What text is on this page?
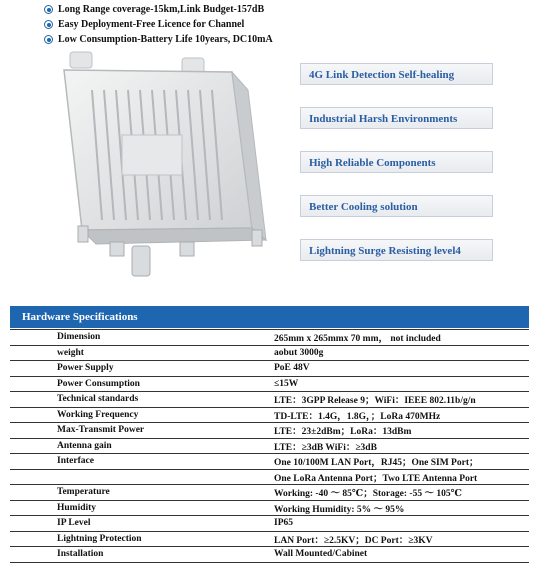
Long Range coverage-15km,Link Budget-157dB
Easy Deployment-Free Licence for Channel
Low Consumption-Battery Life 10years, DC10mA
4G Link Detection Self-healing
Industrial Harsh Environments
High Reliable Components
Better Cooling solution
Lightning Surge Resisting level4
Hardware Specifications
Dimension	265mm x 265mmx 70 mm， not included
weight	aobut 3000g
Power Supply	PoE 48V
Power Consumption	≤15W
Technical standards	LTE：3GPP Release 9；WiFi：IEEE 802.11b/g/n
Working Frequency	TD-LTE：1.4G，1.8G，；LoRa 470MHz
Max-Transmit Power	LTE：23±2dBm；LoRa：13dBm
Antenna gain	LTE：≥3dB WiFi：≥3dB
Interface	One 10/100M LAN Port，RJ45；One SIM Port；
One LoRa Antenna Port；Two LTE Antenna Port
Temperature	Working: -40 ～ 85℃；Storage: -55 ～ 105℃
Humidity	Working Humidity: 5% ～ 95%
IP Level	IP65
Lightning Protection	LAN Port：≥2.5KV；DC Port：≥3KV
Installation	Wall Mounted/Cabinet
